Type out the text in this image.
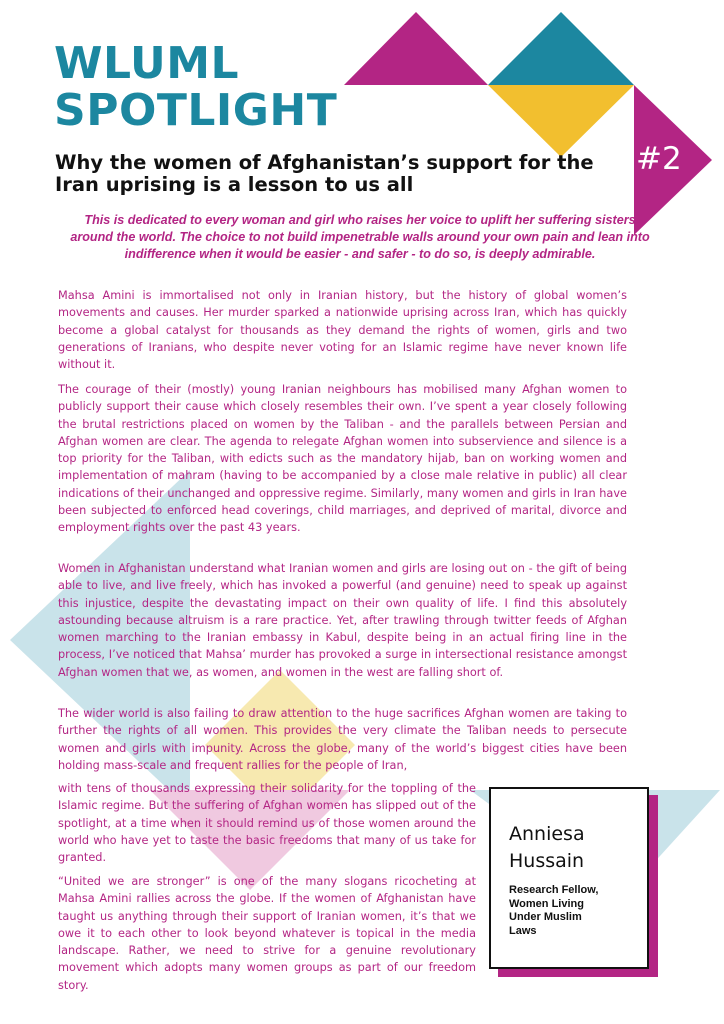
WLUML
SPOTLIGHT
#2
Why the women of Afghanistan’s support for the Iran uprising is a lesson to us all

This is dedicated to every woman and girl who raises her voice to uplift her suffering sisters around the world. The choice to not build impenetrable walls around your own pain and lean into indifference when it would be easier - and safer - to do so, is deeply admirable.

Mahsa Amini is immortalised not only in Iranian history, but the history of global women’s movements and causes. Her murder sparked a nationwide uprising across Iran, which has quickly become a global catalyst for thousands as they demand the rights of women, girls and two generations of Iranians, who despite never voting for an Islamic regime have never known life without it.

The courage of their (mostly) young Iranian neighbours has mobilised many Afghan women to publicly support their cause which closely resembles their own. I’ve spent a year closely following the brutal restrictions placed on women by the Taliban - and the parallels between Persian and Afghan women are clear. The agenda to relegate Afghan women into subservience and silence is a top priority for the Taliban, with edicts such as the mandatory hijab, ban on working women and implementation of mahram (having to be accompanied by a close male relative in public) all clear indications of their unchanged and oppressive regime. Similarly, many women and girls in Iran have been subjected to enforced head coverings, child marriages, and deprived of marital, divorce and employment rights over the past 43 years.

Women in Afghanistan understand what Iranian women and girls are losing out on - the gift of being able to live, and live freely, which has invoked a powerful (and genuine) need to speak up against this injustice, despite the devastating impact on their own quality of life. I find this absolutely astounding because altruism is a rare practice. Yet, after trawling through twitter feeds of Afghan women marching to the Iranian embassy in Kabul, despite being in an actual firing line in the process, I’ve noticed that Mahsa’ murder has provoked a surge in intersectional resistance amongst Afghan women that we, as women, and women in the west are falling short of.

The wider world is also failing to draw attention to the huge sacrifices Afghan women are taking to further the rights of all women. This provides the very climate the Taliban needs to persecute women and girls with impunity. Across the globe, many of the world’s biggest cities have been holding mass-scale and frequent rallies for the people of Iran,

with tens of thousands expressing their solidarity for the toppling of the Islamic regime. But the suffering of Afghan women has slipped out of the spotlight, at a time when it should remind us of those women around the world who have yet to taste the basic freedoms that many of us take for granted.

“United we are stronger” is one of the many slogans ricocheting at Mahsa Amini rallies across the globe. If the women of Afghanistan have taught us anything through their support of Iranian women, it’s that we owe it to each other to look beyond whatever is topical in the media landscape. Rather, we need to strive for a genuine revolutionary movement which adopts many women groups as part of our freedom story.

Anniesa
Hussain

Research Fellow,
Women Living
Under Muslim
Laws
